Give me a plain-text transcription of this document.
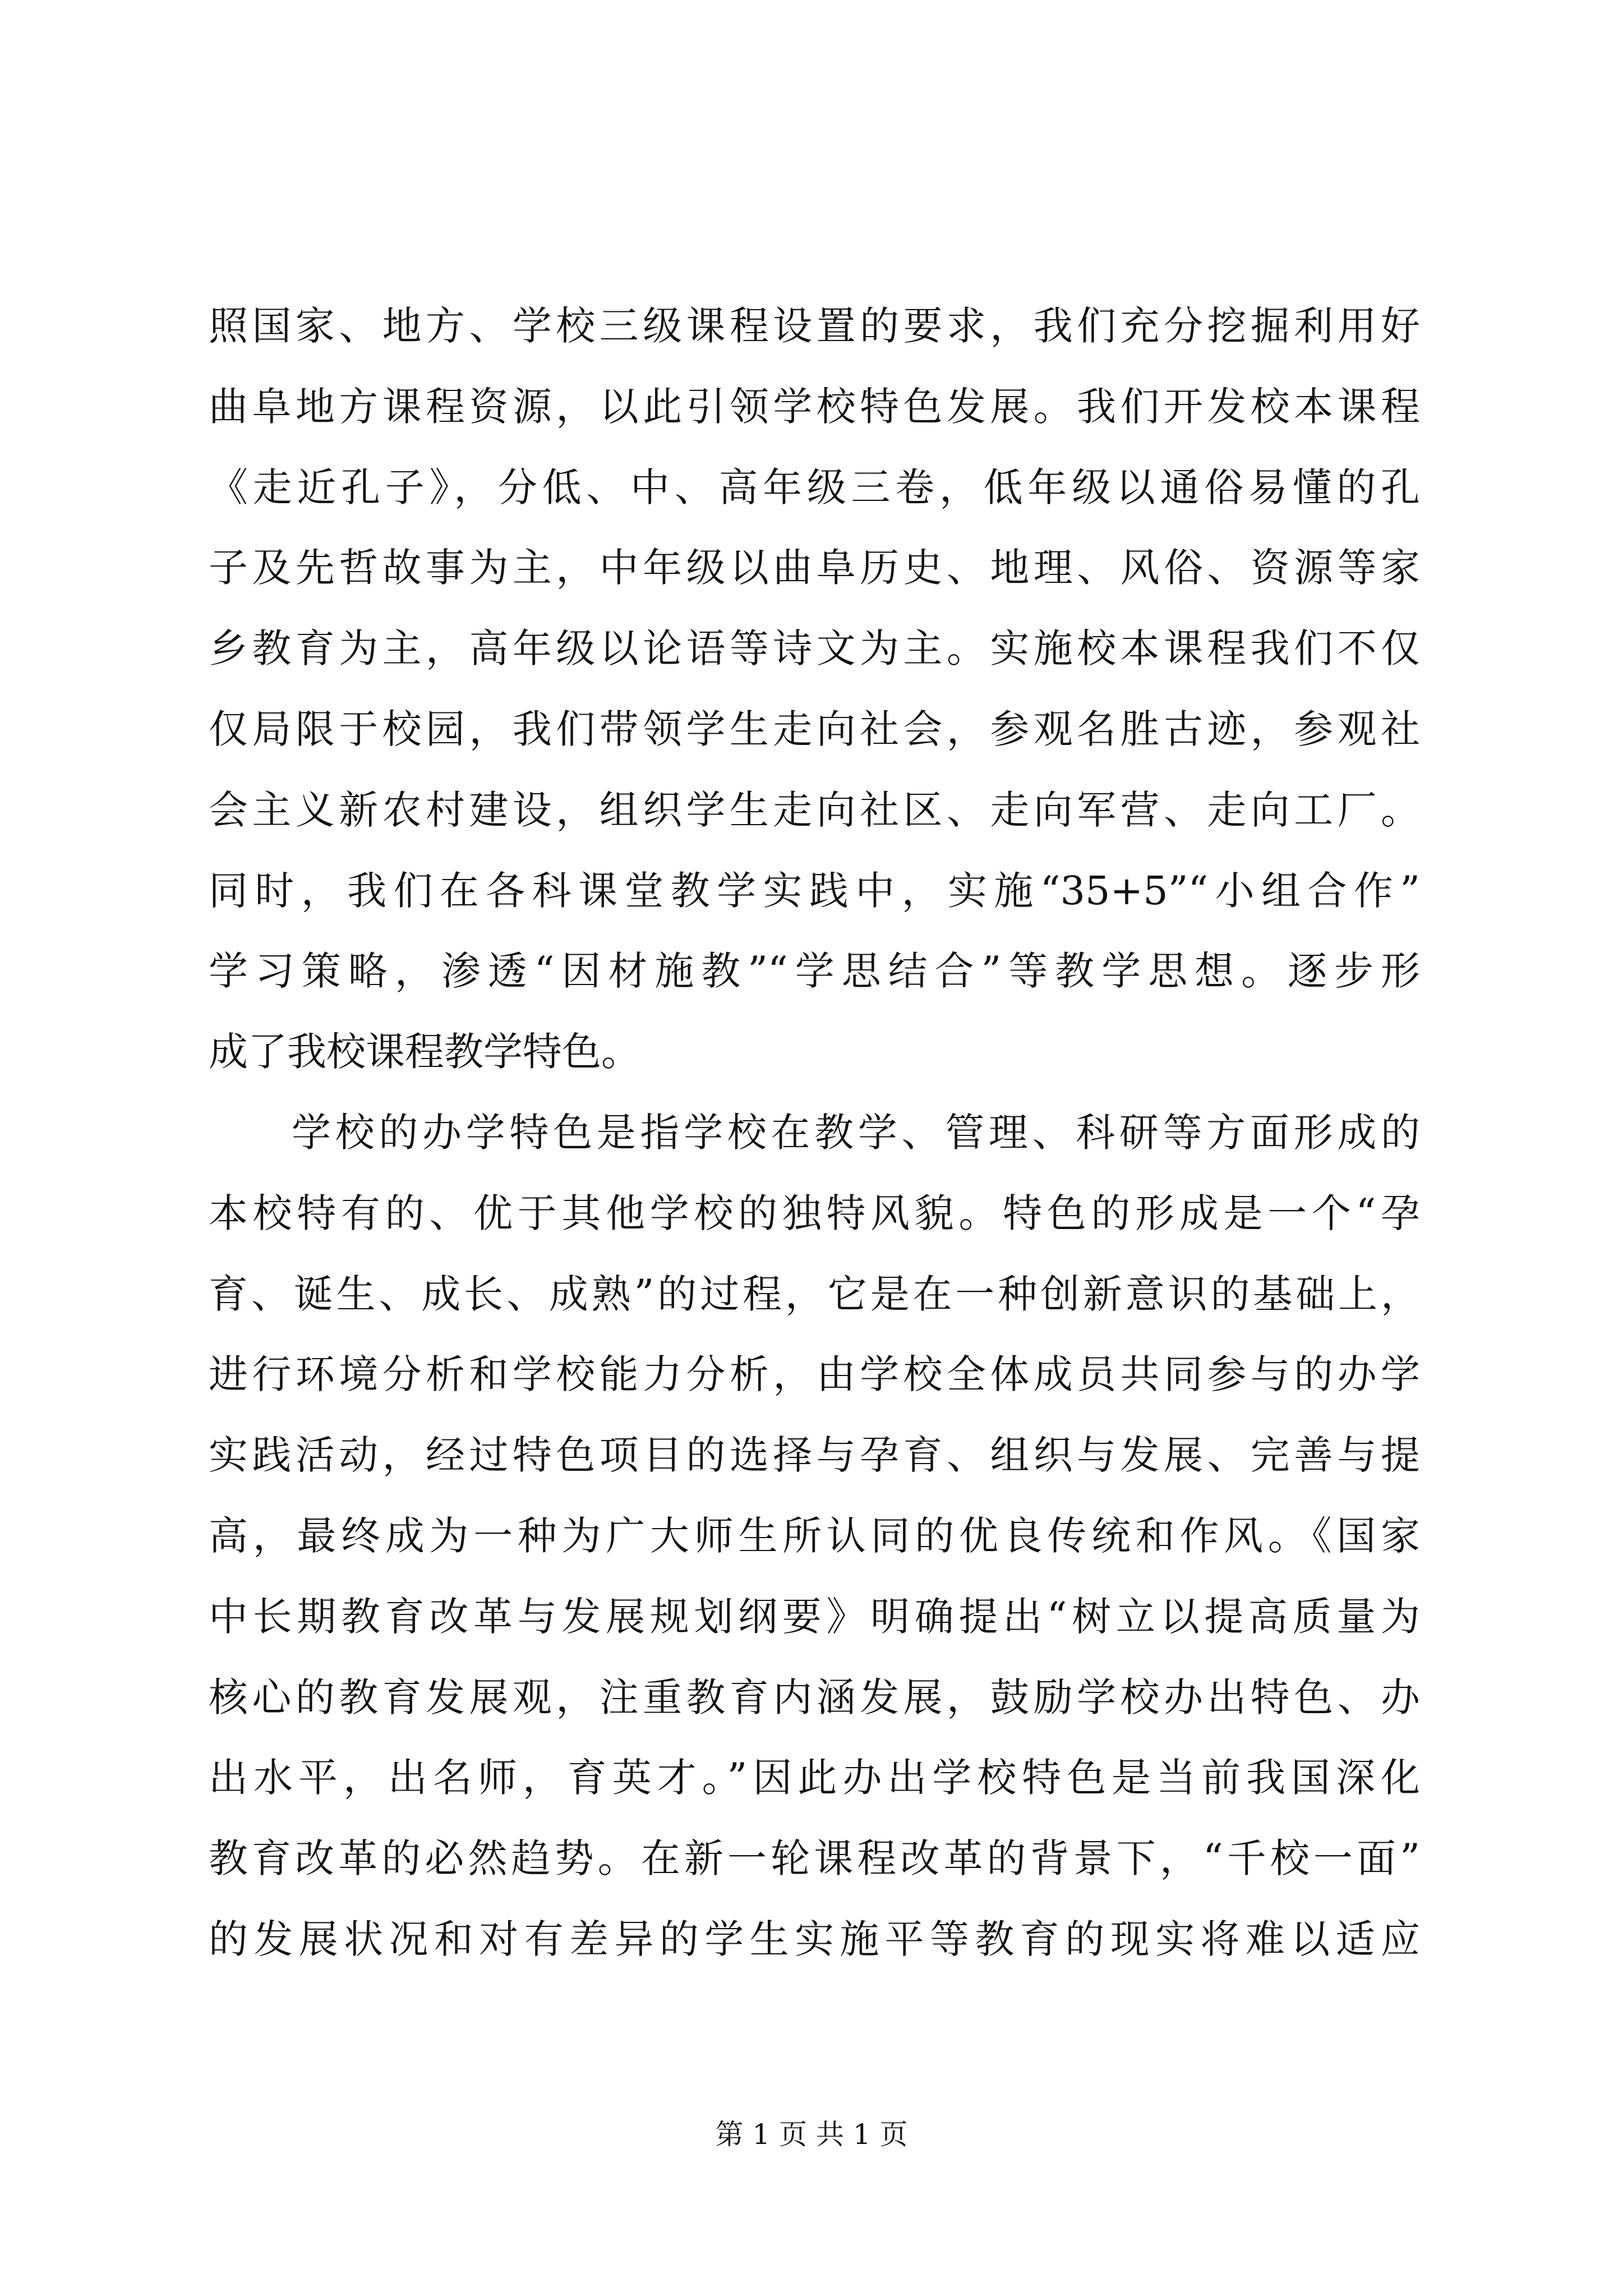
照国家、地方、学校三级课程设置的要求，我们充分挖掘利用好
曲阜地方课程资源，以此引领学校特色发展。我们开发校本课程
《走近孔子》，分低、中、高年级三卷，低年级以通俗易懂的孔
子及先哲故事为主，中年级以曲阜历史、地理、风俗、资源等家
乡教育为主，高年级以论语等诗文为主。实施校本课程我们不仅
仅局限于校园，我们带领学生走向社会，参观名胜古迹，参观社
会主义新农村建设，组织学生走向社区、走向军营、走向工厂。
同时，我们在各科课堂教学实践中，实施“35+5”“小组合作”
学习策略，渗透“因材施教”“学思结合”等教学思想。逐步形
成了我校课程教学特色。
学校的办学特色是指学校在教学、管理、科研等方面形成的
本校特有的、优于其他学校的独特风貌。特色的形成是一个“孕
育、诞生、成长、成熟”的过程，它是在一种创新意识的基础上，
进行环境分析和学校能力分析，由学校全体成员共同参与的办学
实践活动，经过特色项目的选择与孕育、组织与发展、完善与提
高，最终成为一种为广大师生所认同的优良传统和作风。《国家
中长期教育改革与发展规划纲要》明确提出“树立以提高质量为
核心的教育发展观，注重教育内涵发展，鼓励学校办出特色、办
出水平，出名师，育英才。”因此办出学校特色是当前我国深化
教育改革的必然趋势。在新一轮课程改革的背景下，“千校一面”
的发展状况和对有差异的学生实施平等教育的现实将难以适应
第 1 页 共 1 页
